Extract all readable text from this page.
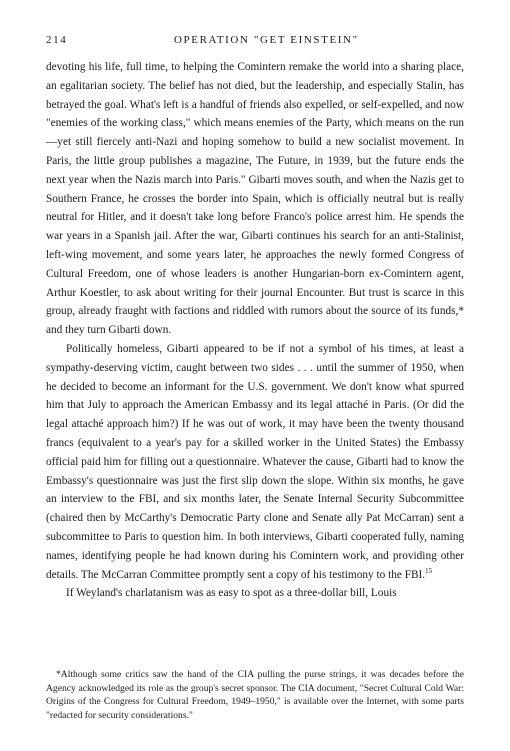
214	OPERATION "GET EINSTEIN"

devoting his life, full time, to helping the Comintern remake the world into a sharing place, an egalitarian society. The belief has not died, but the leadership, and especially Stalin, has betrayed the goal. What's left is a handful of friends also expelled, or self-expelled, and now "enemies of the working class," which means enemies of the Party, which means on the run—yet still fiercely anti-Nazi and hoping somehow to build a new socialist movement. In Paris, the little group publishes a magazine, The Future, in 1939, but the future ends the next year when the Nazis march into Paris." Gibarti moves south, and when the Nazis get to Southern France, he crosses the border into Spain, which is officially neutral but is really neutral for Hitler, and it doesn't take long before Franco's police arrest him. He spends the war years in a Spanish jail. After the war, Gibarti continues his search for an anti-Stalinist, left-wing movement, and some years later, he approaches the newly formed Congress of Cultural Freedom, one of whose leaders is another Hungarian-born ex-Comintern agent, Arthur Koestler, to ask about writing for their journal Encounter. But trust is scarce in this group, already fraught with factions and riddled with rumors about the source of its funds,* and they turn Gibarti down.

Politically homeless, Gibarti appeared to be if not a symbol of his times, at least a sympathy-deserving victim, caught between two sides . . . until the summer of 1950, when he decided to become an informant for the U.S. government. We don't know what spurred him that July to approach the American Embassy and its legal attaché in Paris. (Or did the legal attaché approach him?) If he was out of work, it may have been the twenty thousand francs (equivalent to a year's pay for a skilled worker in the United States) the Embassy official paid him for filling out a questionnaire. Whatever the cause, Gibarti had to know the Embassy's questionnaire was just the first slip down the slope. Within six months, he gave an interview to the FBI, and six months later, the Senate Internal Security Subcommittee (chaired then by McCarthy's Democratic Party clone and Senate ally Pat McCarran) sent a subcommittee to Paris to question him. In both interviews, Gibarti cooperated fully, naming names, identifying people he had known during his Comintern work, and providing other details. The McCarran Committee promptly sent a copy of his testimony to the FBI.$^{15}$

If Weyland's charlatanism was as easy to spot as a three-dollar bill, Louis

*Although some critics saw the hand of the CIA pulling the purse strings, it was decades before the Agency acknowledged its role as the group's secret sponsor. The CIA document, "Secret Cultural Cold War: Origins of the Congress for Cultural Freedom, 1949–1950," is available over the Internet, with some parts "redacted for security considerations."
